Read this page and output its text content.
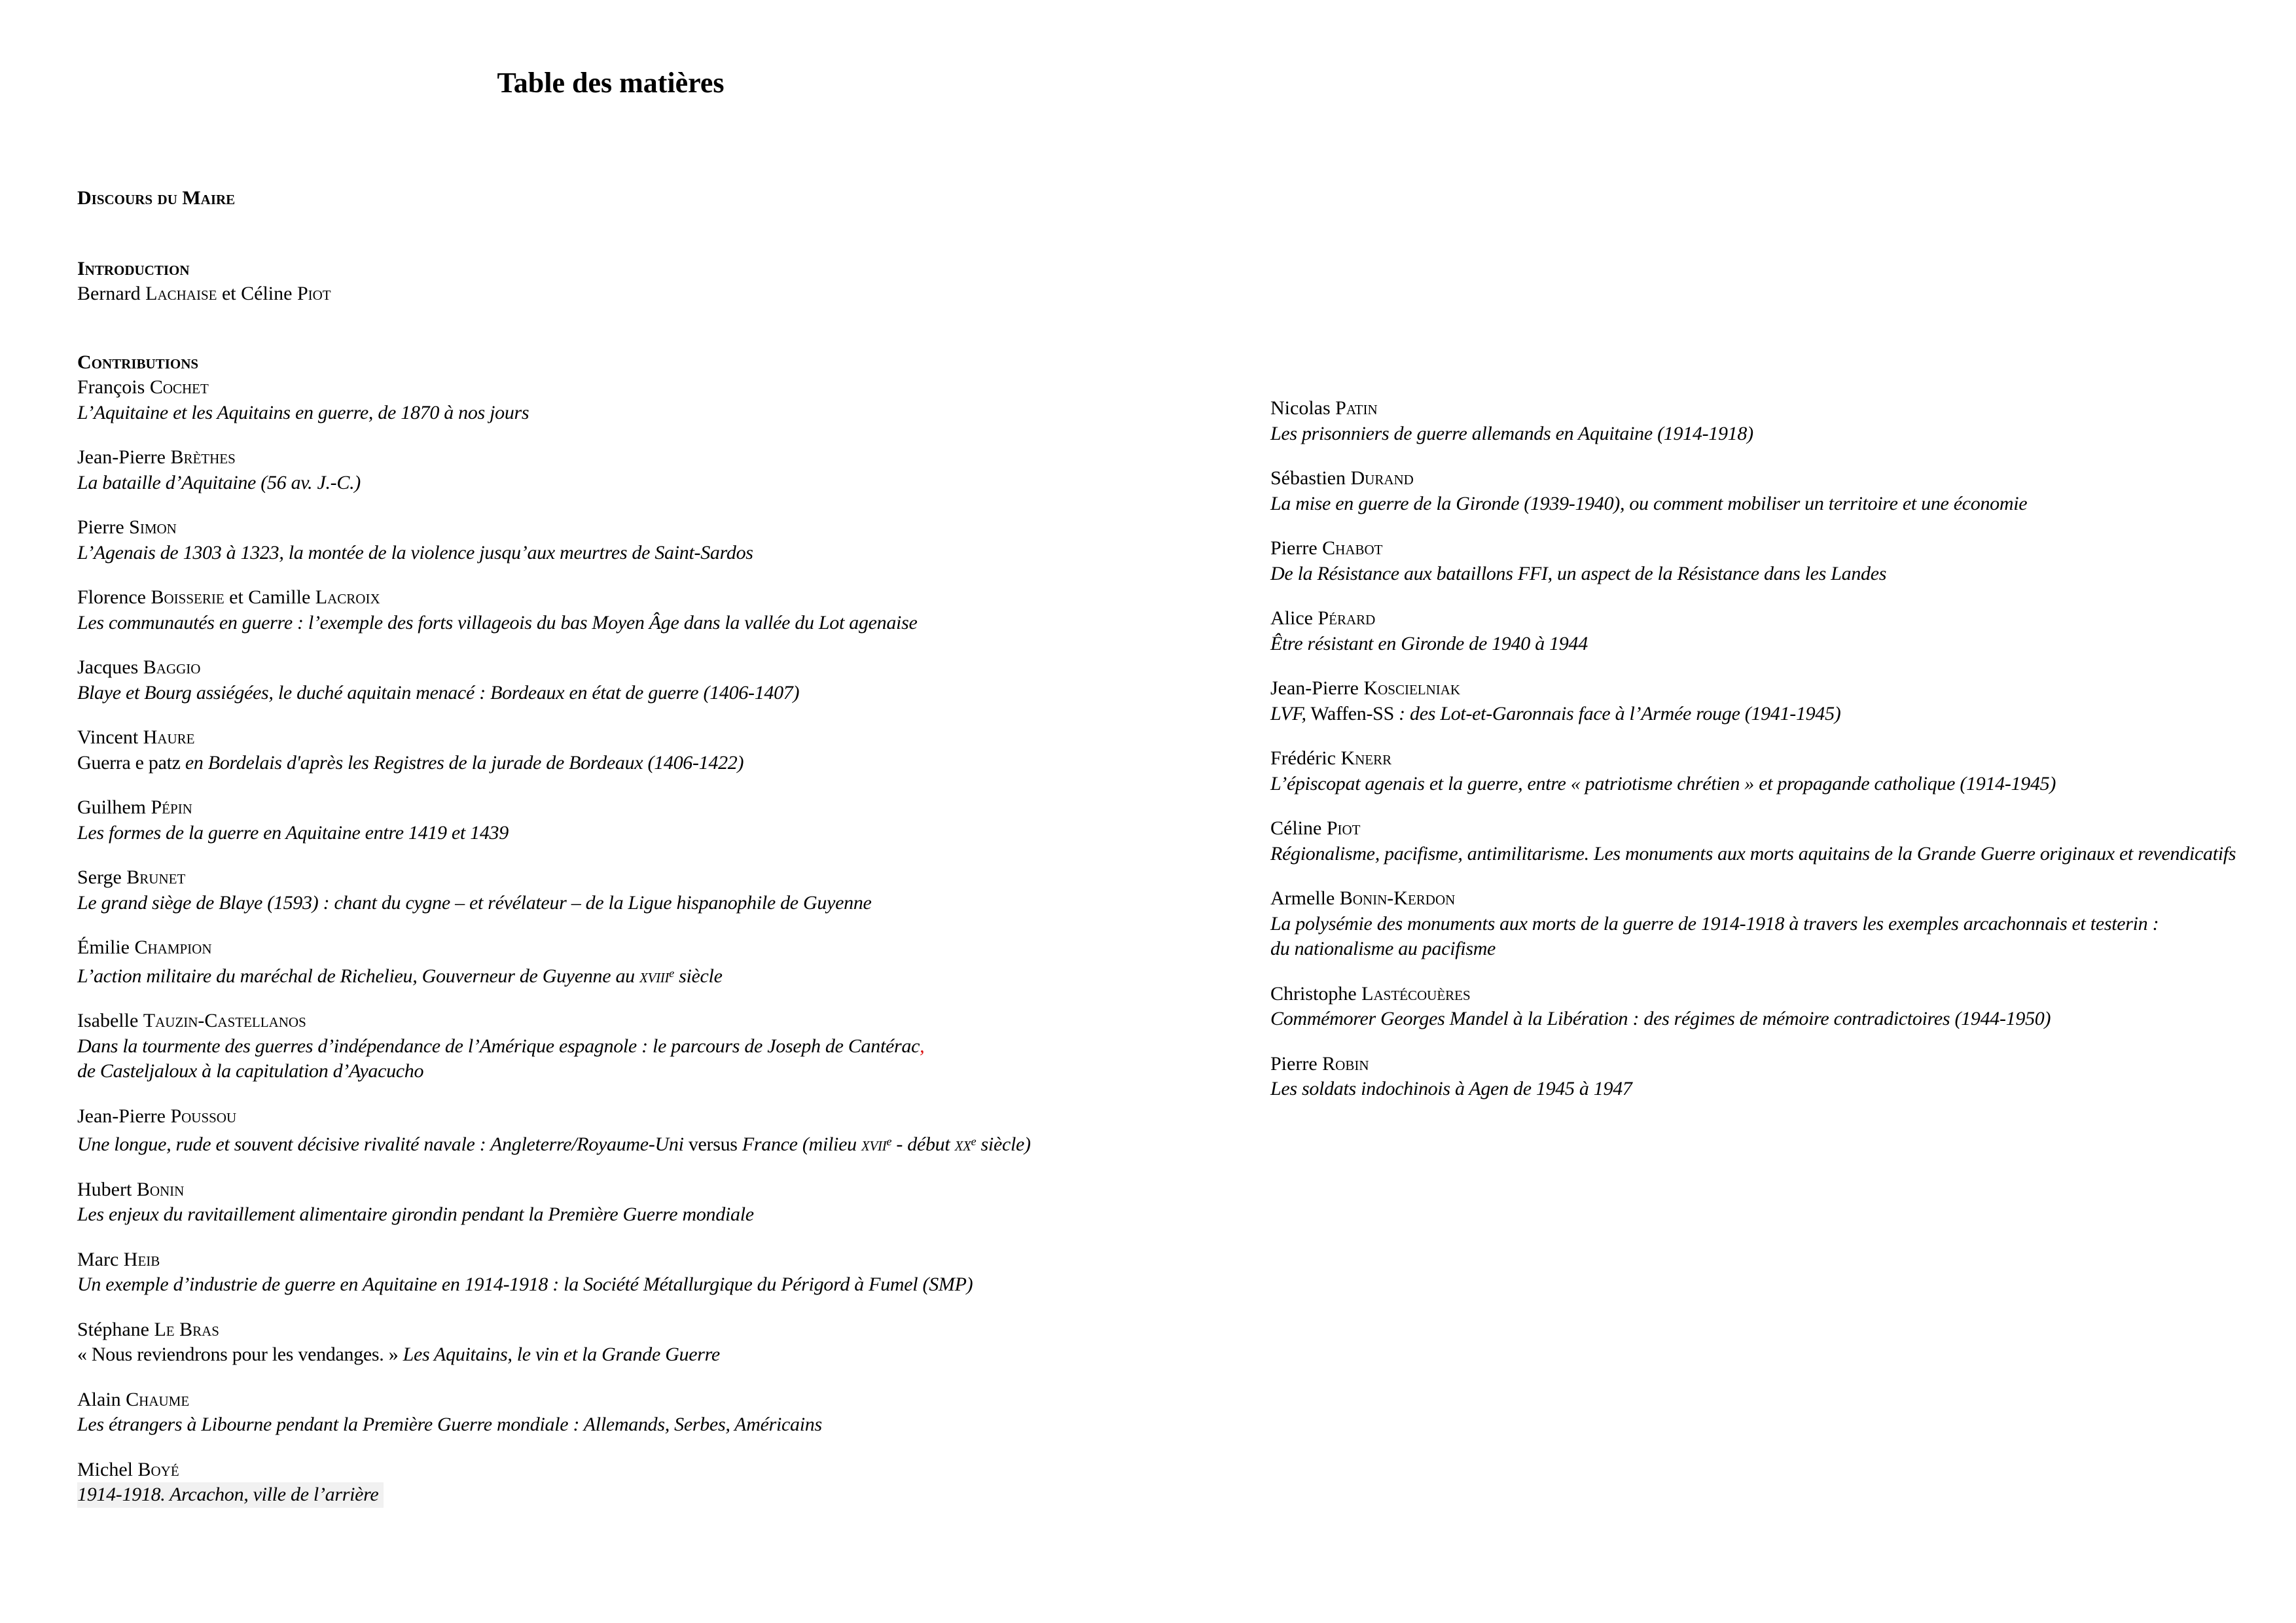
Table des matières
Discours du Maire
Introduction
Bernard Lachaise et Céline Piot
Contributions
François Cochet
L’Aquitaine et les Aquitains en guerre, de 1870 à nos jours
Jean-Pierre Brèthes
La bataille d’Aquitaine (56 av. J.-C.)
Pierre Simon
L’Agenais de 1303 à 1323, la montée de la violence jusqu’aux meurtres de Saint-Sardos
Florence Boisserie et Camille Lacroix
Les communautés en guerre : l’exemple des forts villageois du bas Moyen Âge dans la vallée du Lot agenaise
Jacques Baggio
Blaye et Bourg assiégées, le duché aquitain menacé : Bordeaux en état de guerre (1406-1407)
Vincent Haure
Guerra e patz en Bordelais d'après les Registres de la jurade de Bordeaux (1406-1422)
Guilhem Pépin
Les formes de la guerre en Aquitaine entre 1419 et 1439
Serge Brunet
Le grand siège de Blaye (1593) : chant du cygne – et révélateur – de la Ligue hispanophile de Guyenne
Émilie Champion
L’action militaire du maréchal de Richelieu, Gouverneur de Guyenne au xviii$^e$ siècle
Isabelle Tauzin-Castellanos
Dans la tourmente des guerres d’indépendance de l’Amérique espagnole : le parcours de Joseph de Cantérac,
de Casteljaloux à la capitulation d’Ayacucho
Jean-Pierre Poussou
Une longue, rude et souvent décisive rivalité navale : Angleterre/Royaume-Uni versus France (milieu xvii$^e$ - début $xx^e$ siècle)
Hubert Bonin
Les enjeux du ravitaillement alimentaire girondin pendant la Première Guerre mondiale
Marc Heib
Un exemple d’industrie de guerre en Aquitaine en 1914-1918 : la Société Métallurgique du Périgord à Fumel (SMP)
Stéphane Le Bras
« Nous reviendrons pour les vendanges. » Les Aquitains, le vin et la Grande Guerre
Alain Chaume
Les étrangers à Libourne pendant la Première Guerre mondiale : Allemands, Serbes, Américains
Michel Boyé
1914-1918. Arcachon, ville de l’arrière
Nicolas Patin
Les prisonniers de guerre allemands en Aquitaine (1914-1918)
Sébastien Durand
La mise en guerre de la Gironde (1939-1940), ou comment mobiliser un territoire et une économie
Pierre Chabot
De la Résistance aux bataillons FFI, un aspect de la Résistance dans les Landes
Alice Pérard
Être résistant en Gironde de 1940 à 1944
Jean-Pierre Koscielniak
LVF, Waffen-SS : des Lot-et-Garonnais face à l’Armée rouge (1941-1945)
Frédéric Knerr
L’épiscopat agenais et la guerre, entre « patriotisme chrétien » et propagande catholique (1914-1945)
Céline Piot
Régionalisme, pacifisme, antimilitarisme. Les monuments aux morts aquitains de la Grande Guerre originaux et revendicatifs
Armelle Bonin-Kerdon
La polysémie des monuments aux morts de la guerre de 1914-1918 à travers les exemples arcachonnais et testerin :
du nationalisme au pacifisme
Christophe Lastécouères
Commémorer Georges Mandel à la Libération : des régimes de mémoire contradictoires (1944-1950)
Pierre Robin
Les soldats indochinois à Agen de 1945 à 1947
